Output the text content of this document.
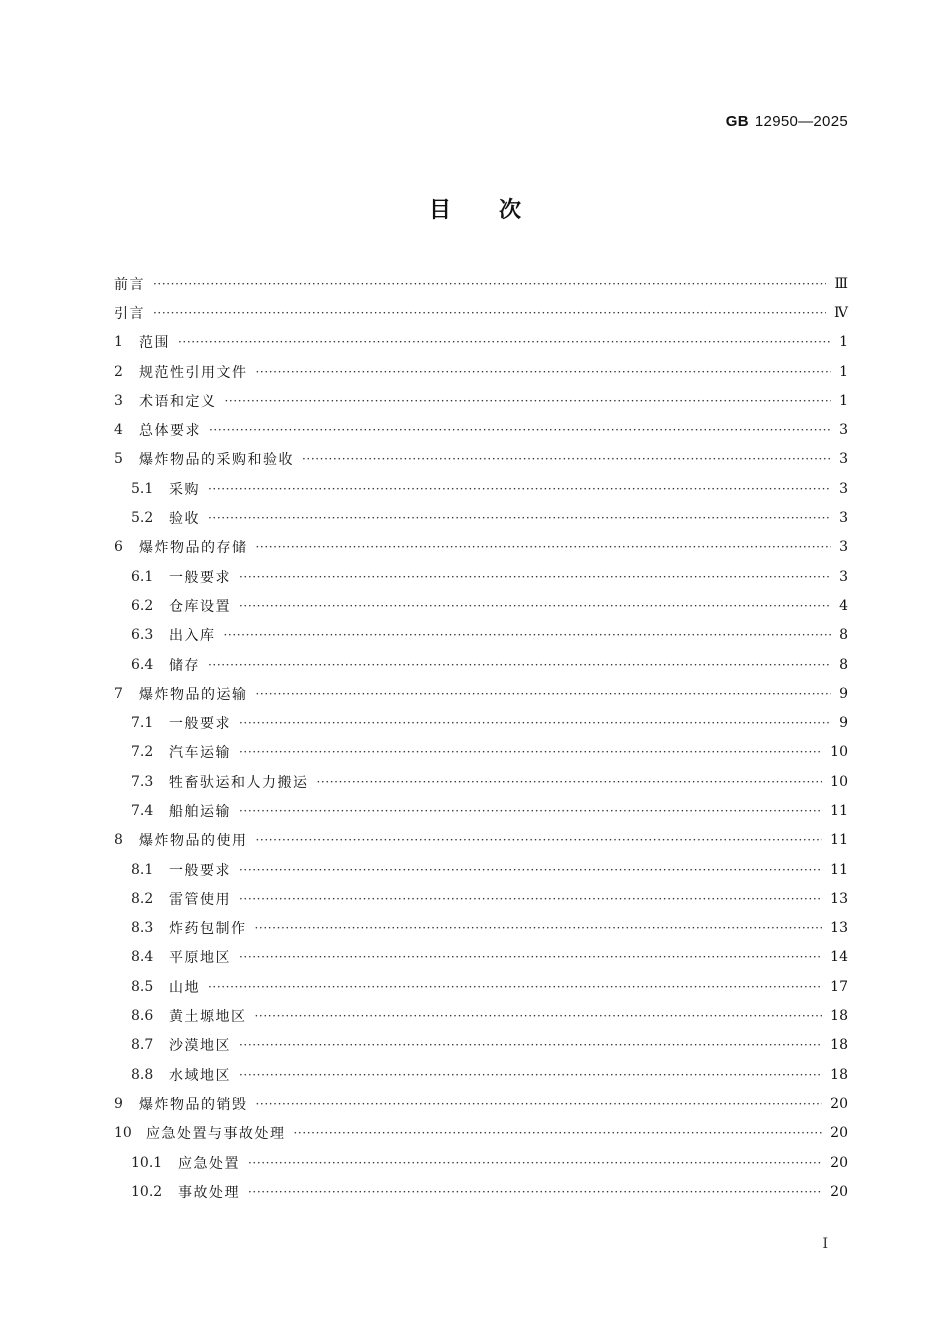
GB 12950—2025
目次
前言 ·····	Ⅲ
引言 ·····	Ⅳ
1	范围 ·····	1
2	规范性引用文件 ·····	1
3	术语和定义 ·····	1
4	总体要求 ·····	3
5	爆炸物品的采购和验收 ·····	3
5.1	采购 ·····	3
5.2	验收 ·····	3
6	爆炸物品的存储 ·····	3
6.1	一般要求 ·····	3
6.2	仓库设置 ·····	4
6.3	出入库 ·····	8
6.4	储存 ·····	8
7	爆炸物品的运输 ·····	9
7.1	一般要求 ·····	9
7.2	汽车运输 ·····	10
7.3	牲畜驮运和人力搬运 ·····	10
7.4	船舶运输 ·····	11
8	爆炸物品的使用 ·····	11
8.1	一般要求 ·····	11
8.2	雷管使用 ·····	13
8.3	炸药包制作 ·····	13
8.4	平原地区 ·····	14
8.5	山地 ·····	17
8.6	黄土塬地区 ·····	18
8.7	沙漠地区 ·····	18
8.8	水域地区 ·····	18
9	爆炸物品的销毁 ·····	20
10	应急处置与事故处理 ·····	20
10.1	应急处置 ·····	20
10.2	事故处理 ·····	20
I
